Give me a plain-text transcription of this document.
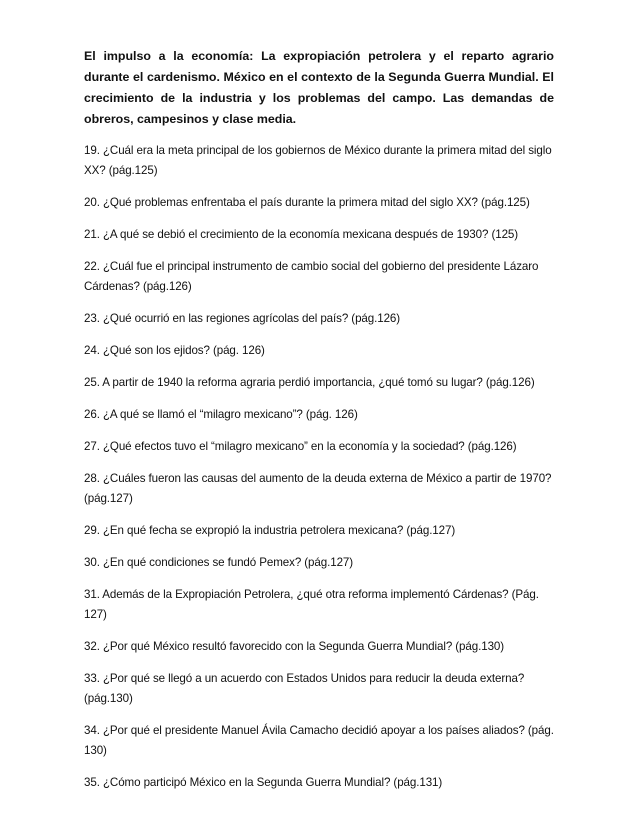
El impulso a la economía: La expropiación petrolera y el reparto agrario durante el cardenismo. México en el contexto de la Segunda Guerra Mundial. El crecimiento de la industria y los problemas del campo. Las demandas de obreros, campesinos y clase media.

19. ¿Cuál era la meta principal de los gobiernos de México durante la primera mitad del siglo XX? (pág.125)
20. ¿Qué problemas enfrentaba el país durante la primera mitad del siglo XX? (pág.125)
21. ¿A qué se debió el crecimiento de la economía mexicana después de 1930? (125)
22. ¿Cuál fue el principal instrumento de cambio social del gobierno del presidente Lázaro Cárdenas? (pág.126)
23. ¿Qué ocurrió en las regiones agrícolas del país? (pág.126)
24. ¿Qué son los ejidos? (pág. 126)
25. A partir de 1940 la reforma agraria perdió importancia, ¿qué tomó su lugar? (pág.126)
26. ¿A qué se llamó el “milagro mexicano”? (pág. 126)
27. ¿Qué efectos tuvo el “milagro mexicano” en la economía y la sociedad? (pág.126)
28. ¿Cuáles fueron las causas del aumento de la deuda externa de México a partir de 1970? (pág.127)
29. ¿En qué fecha se expropió la industria petrolera mexicana? (pág.127)
30. ¿En qué condiciones se fundó Pemex? (pág.127)
31. Además de la Expropiación Petrolera, ¿qué otra reforma implementó Cárdenas? (Pág. 127)
32. ¿Por qué México resultó favorecido con la Segunda Guerra Mundial? (pág.130)
33. ¿Por qué se llegó a un acuerdo con Estados Unidos para reducir la deuda externa? (pág.130)
34. ¿Por qué el presidente Manuel Ávila Camacho decidió apoyar a los países aliados? (pág. 130)
35. ¿Cómo participó México en la Segunda Guerra Mundial? (pág.131)
